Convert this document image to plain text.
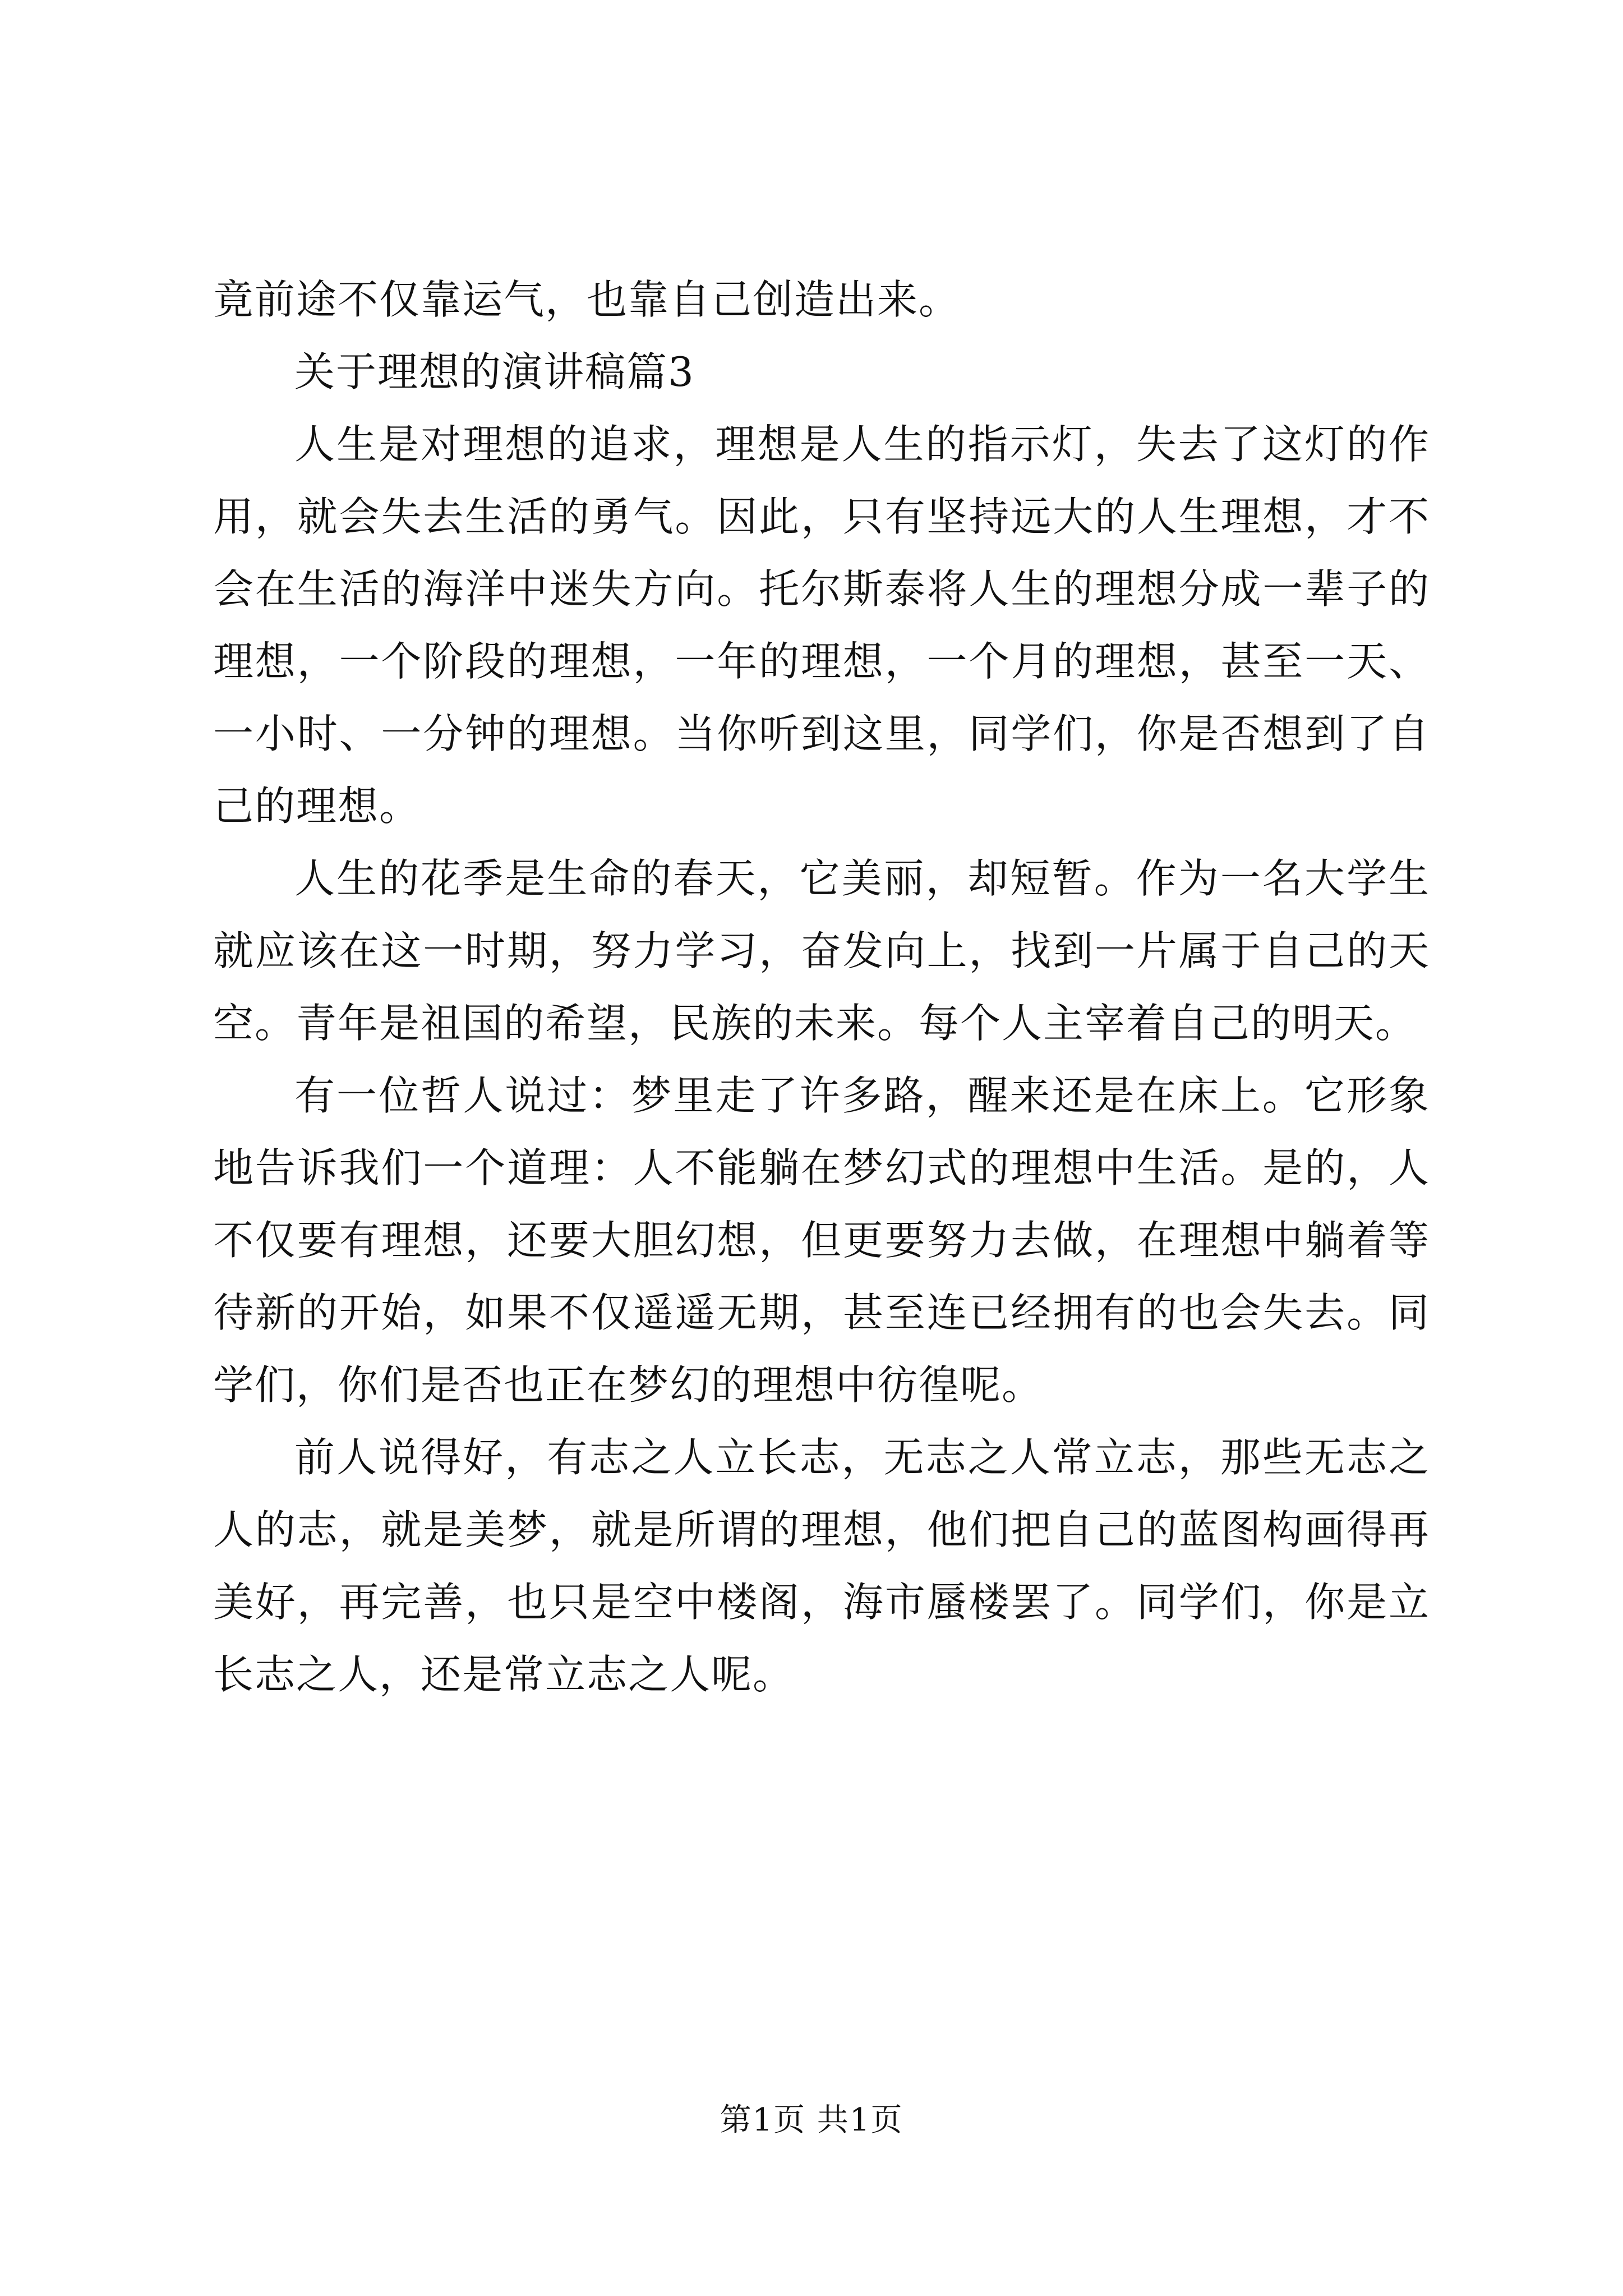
竟前途不仅靠运气，也靠自己创造出来。

关于理想的演讲稿篇3

人生是对理想的追求，理想是人生的指示灯，失去了这灯的作用，就会失去生活的勇气。因此，只有坚持远大的人生理想，才不会在生活的海洋中迷失方向。托尔斯泰将人生的理想分成一辈子的理想，一个阶段的理想，一年的理想，一个月的理想，甚至一天、一小时、一分钟的理想。当你听到这里，同学们，你是否想到了自己的理想。

人生的花季是生命的春天，它美丽，却短暂。作为一名大学生就应该在这一时期，努力学习，奋发向上，找到一片属于自己的天空。青年是祖国的希望，民族的未来。每个人主宰着自己的明天。

有一位哲人说过：梦里走了许多路，醒来还是在床上。它形象地告诉我们一个道理：人不能躺在梦幻式的理想中生活。是的，人不仅要有理想，还要大胆幻想，但更要努力去做，在理想中躺着等待新的开始，如果不仅遥遥无期，甚至连已经拥有的也会失去。同学们，你们是否也正在梦幻的理想中彷徨呢。

前人说得好，有志之人立长志，无志之人常立志，那些无志之人的志，就是美梦，就是所谓的理想，他们把自己的蓝图构画得再美好，再完善，也只是空中楼阁，海市蜃楼罢了。同学们，你是立长志之人，还是常立志之人呢。

第1页 共1页
